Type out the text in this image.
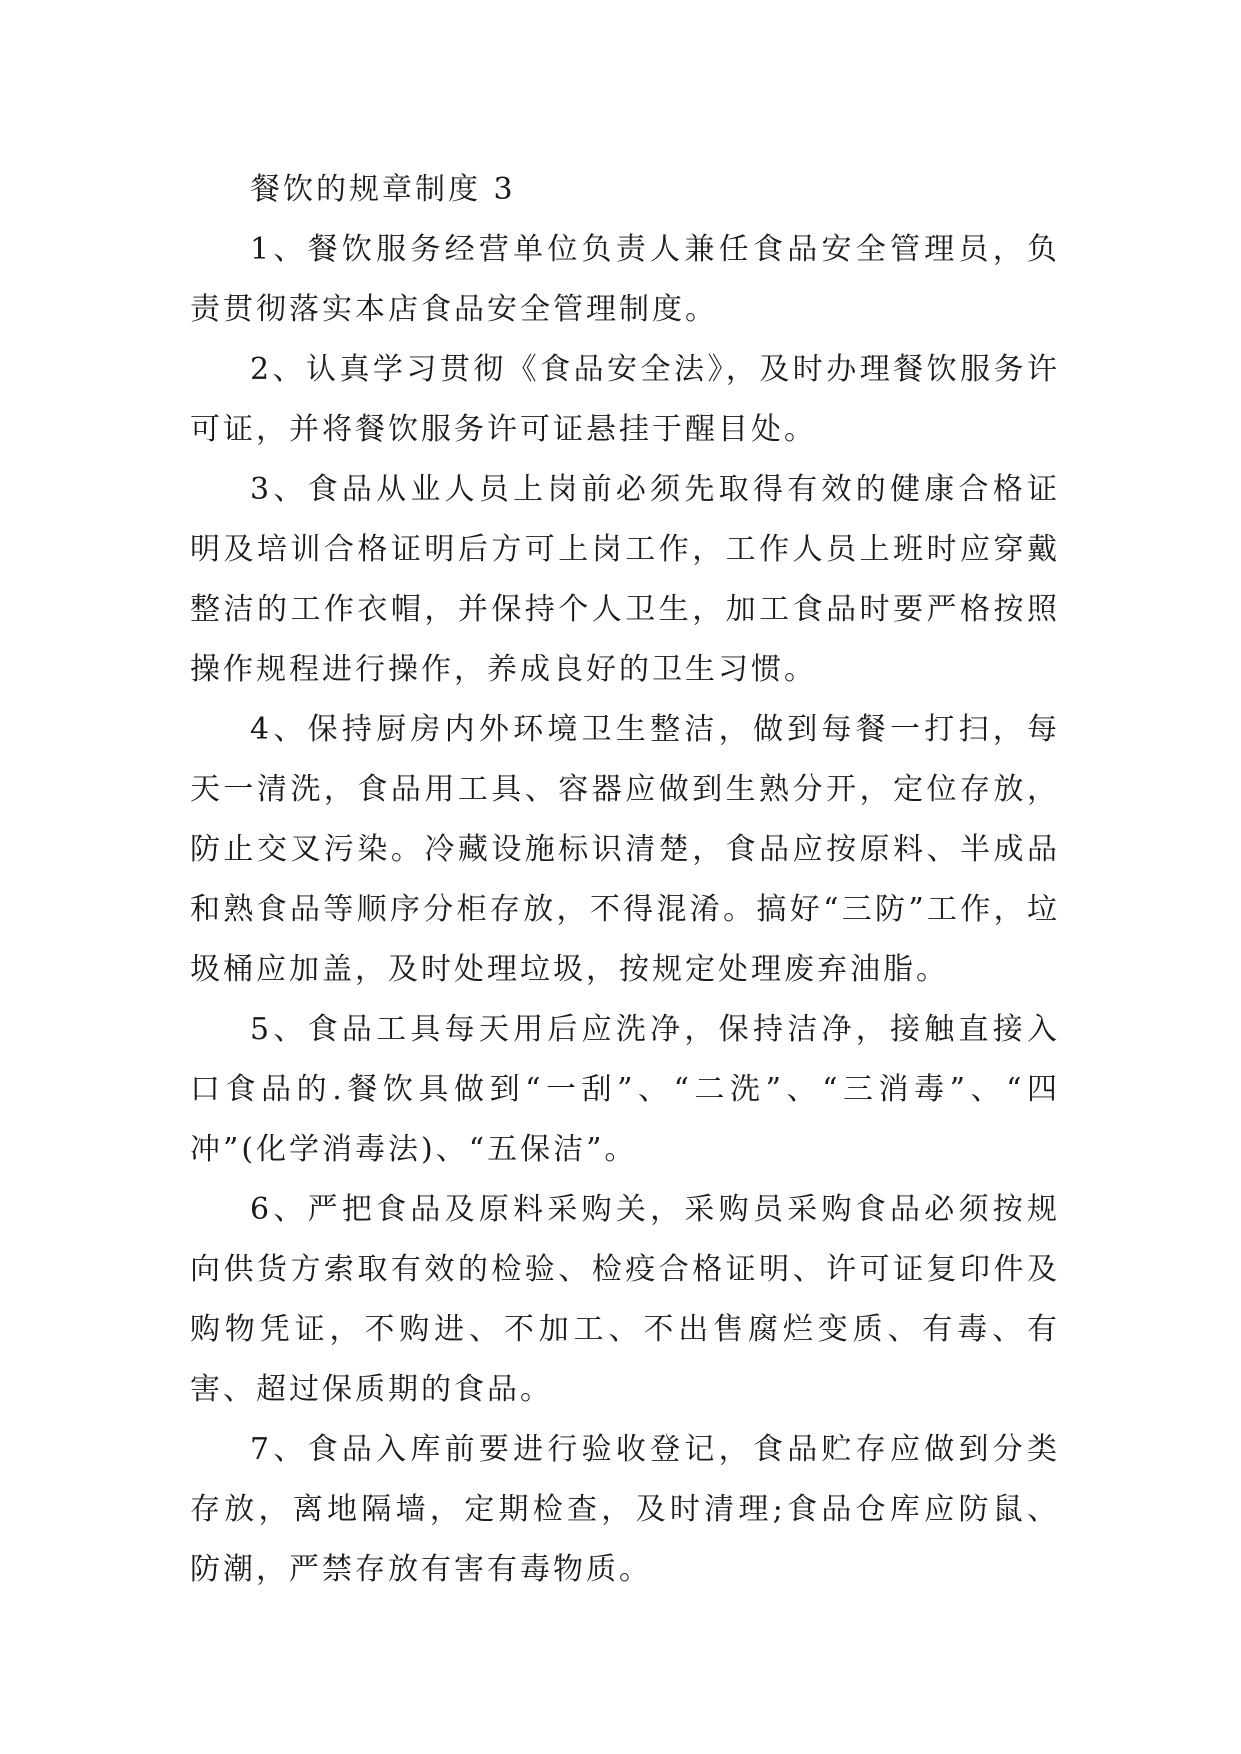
餐饮的规章制度 3

1、餐饮服务经营单位负责人兼任食品安全管理员，负责贯彻落实本店食品安全管理制度。

2、认真学习贯彻《食品安全法》，及时办理餐饮服务许可证，并将餐饮服务许可证悬挂于醒目处。

3、食品从业人员上岗前必须先取得有效的健康合格证明及培训合格证明后方可上岗工作，工作人员上班时应穿戴整洁的工作衣帽，并保持个人卫生，加工食品时要严格按照操作规程进行操作，养成良好的卫生习惯。

4、保持厨房内外环境卫生整洁，做到每餐一打扫，每天一清洗，食品用工具、容器应做到生熟分开，定位存放，防止交叉污染。冷藏设施标识清楚，食品应按原料、半成品和熟食品等顺序分柜存放，不得混淆。搞好“三防”工作，垃圾桶应加盖，及时处理垃圾，按规定处理废弃油脂。

5、食品工具每天用后应洗净，保持洁净，接触直接入口食品的.餐饮具做到“一刮”、“二洗”、“三消毒”、“四冲”(化学消毒法)、“五保洁”。

6、严把食品及原料采购关，采购员采购食品必须按规向供货方索取有效的检验、检疫合格证明、许可证复印件及购物凭证，不购进、不加工、不出售腐烂变质、有毒、有害、超过保质期的食品。

7、食品入库前要进行验收登记，食品贮存应做到分类存放，离地隔墙，定期检查，及时清理;食品仓库应防鼠、防潮，严禁存放有害有毒物质。
